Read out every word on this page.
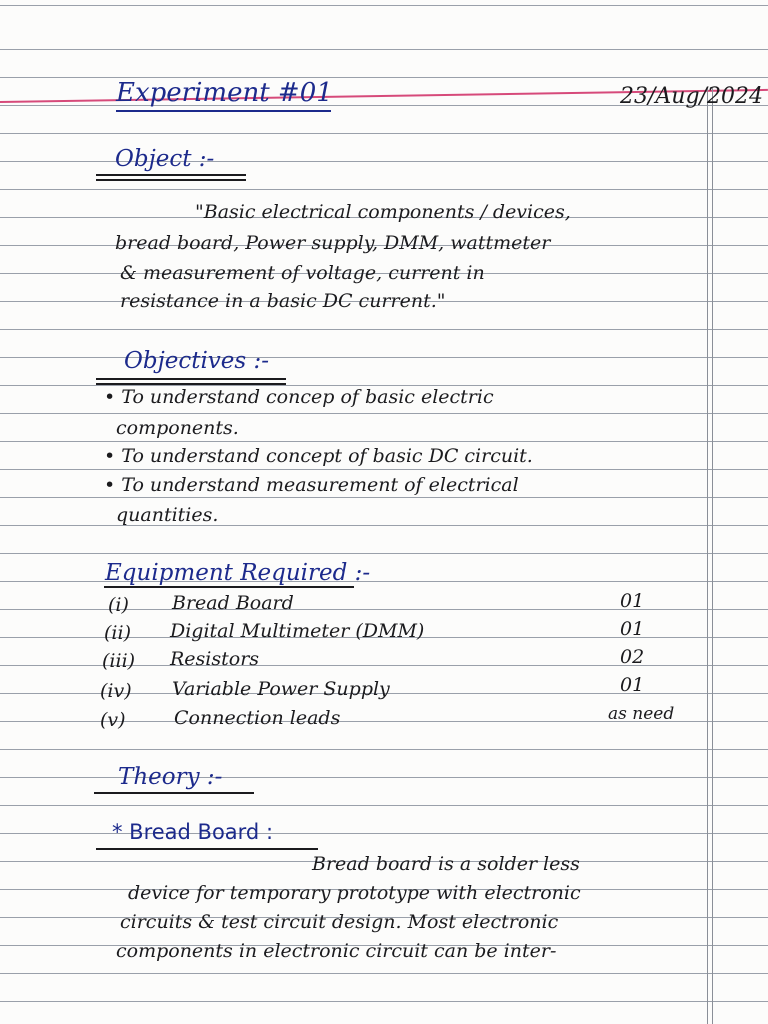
Experiment #01	23/Aug/2024
Object :-
"Basic electrical components / devices,
bread board, Power supply, DMM, wattmeter
& measurement of voltage, current in
resistance in a basic DC current."
Objectives :-
• To understand concep of basic electric
components.
• To understand concept of basic DC circuit.
• To understand measurement of electrical
quantities.
Equipment Required :-
(i) Bread Board	01
(ii) Digital Multimeter (DMM)	01
(iii) Resistors	02
(iv) Variable Power Supply	01
(v)	Connection leads	as need
Theory :-
* Bread Board :
Bread board is a solder less
device for temporary prototype with electronic
circuits & test circuit design. Most electronic
components in electronic circuit can be inter-
